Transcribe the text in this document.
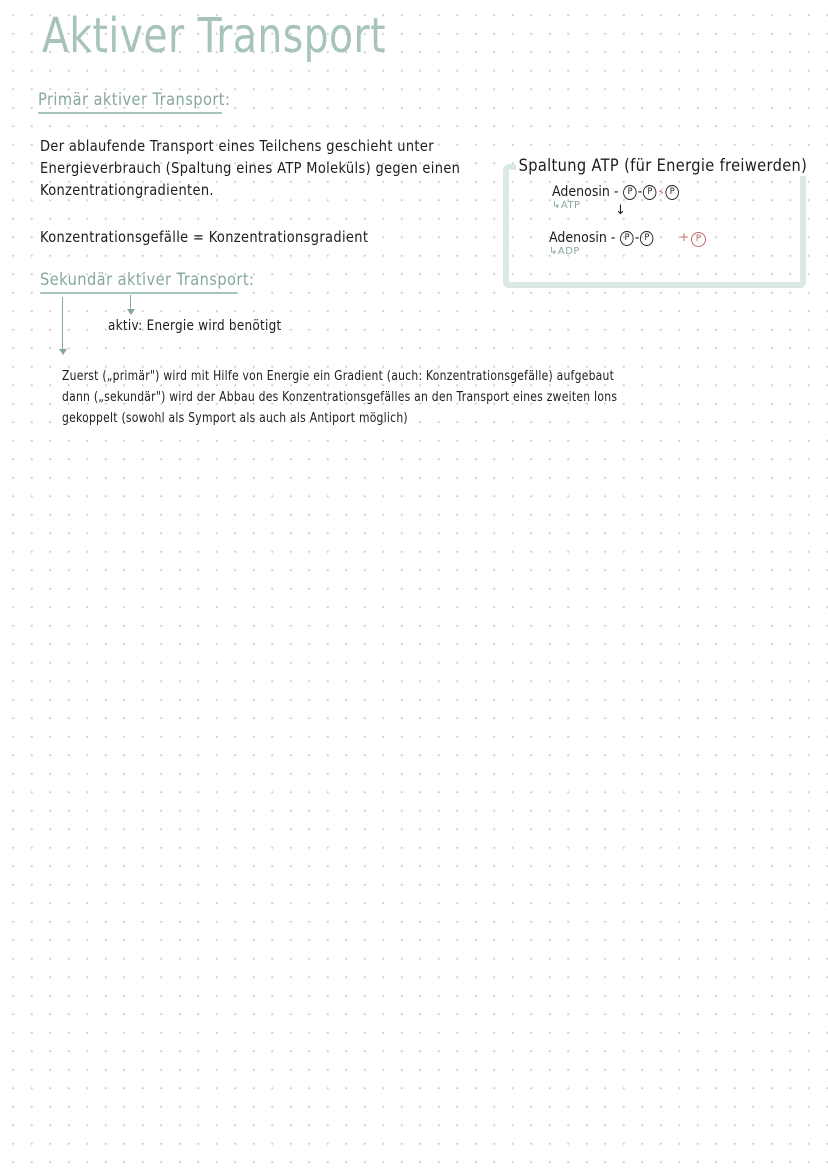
Aktiver Transport
Primär aktiver Transport:
Der ablaufende Transport eines Teilchens geschieht unter
Energieverbrauch (Spaltung eines ATP Moleküls) gegen einen
Konzentrationgradienten.
Konzentrationsgefälle = Konzentrationsgradient
Spaltung ATP (für Energie freiwerden)
Adenosin - P - P ⚡ P
↳ATP	↓
Adenosin - P - P	+ P
↳ADP
Sekundär aktiver Transport:
aktiv: Energie wird benötigt
Zuerst („primär") wird mit Hilfe von Energie ein Gradient (auch: Konzentrationsgefälle) aufgebaut
dann („sekundär") wird der Abbau des Konzentrationsgefälles an den Transport eines zweiten Ions
gekoppelt (sowohl als Symport als auch als Antiport möglich)
